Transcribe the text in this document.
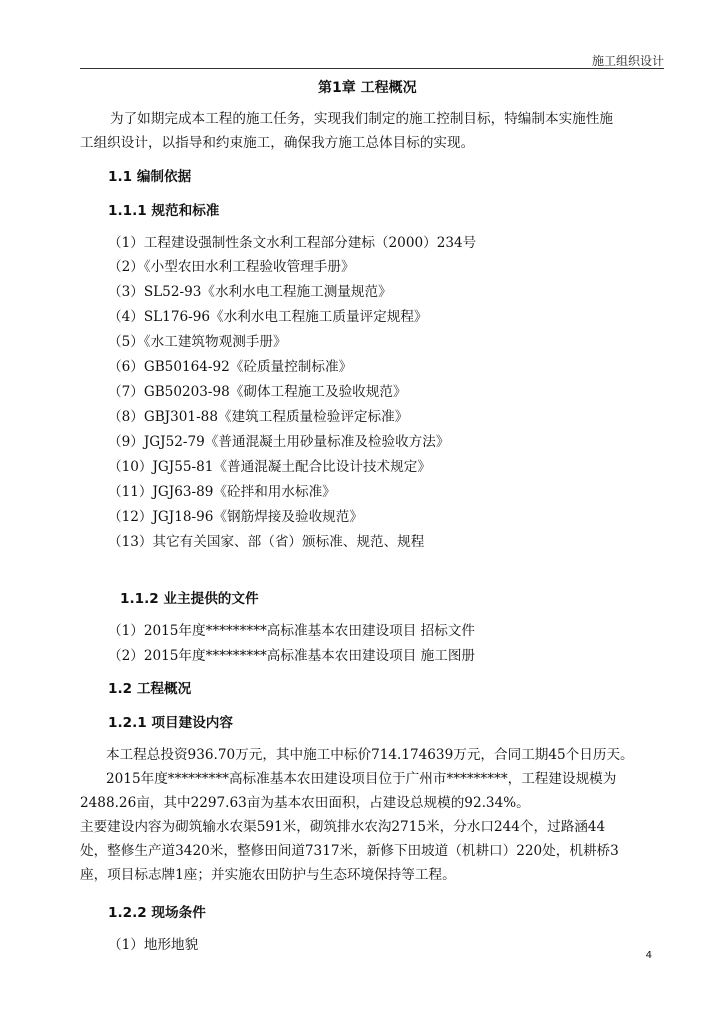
施工组织设计
第1章 工程概况
为了如期完成本工程的施工任务，实现我们制定的施工控制目标，特编制本实施性施
工组织设计，以指导和约束施工，确保我方施工总体目标的实现。
1.1 编制依据
1.1.1 规范和标准
（1）工程建设强制性条文水利工程部分建标（2000）234号
（2）《小型农田水利工程验收管理手册》
（3）SL52-93《水利水电工程施工测量规范》
（4）SL176-96《水利水电工程施工质量评定规程》
（5）《水工建筑物观测手册》
（6）GB50164-92《砼质量控制标准》
（7）GB50203-98《砌体工程施工及验收规范》
（8）GBJ301-88《建筑工程质量检验评定标准》
（9）JGJ52-79《普通混凝土用砂量标准及检验收方法》
（10）JGJ55-81《普通混凝土配合比设计技术规定》
（11）JGJ63-89《砼拌和用水标准》
（12）JGJ18-96《钢筋焊接及验收规范》
（13）其它有关国家、部（省）颁标准、规范、规程
1.1.2 业主提供的文件
（1）2015年度*********高标准基本农田建设项目 招标文件
（2）2015年度*********高标准基本农田建设项目 施工图册
1.2 工程概况
1.2.1 项目建设内容
本工程总投资936.70万元，其中施工中标价714.174639万元，合同工期45个日历天。
2015年度*********高标准基本农田建设项目位于广州市*********，工程建设规模为
2488.26亩，其中2297.63亩为基本农田面积，占建设总规模的92.34%。
主要建设内容为砌筑输水农渠591米，砌筑排水农沟2715米，分水口244个，过路涵44
处，整修生产道3420米，整修田间道7317米，新修下田坡道（机耕口）220处，机耕桥3
座，项目标志牌1座；并实施农田防护与生态环境保持等工程。
1.2.2 现场条件
（1）地形地貌
4
